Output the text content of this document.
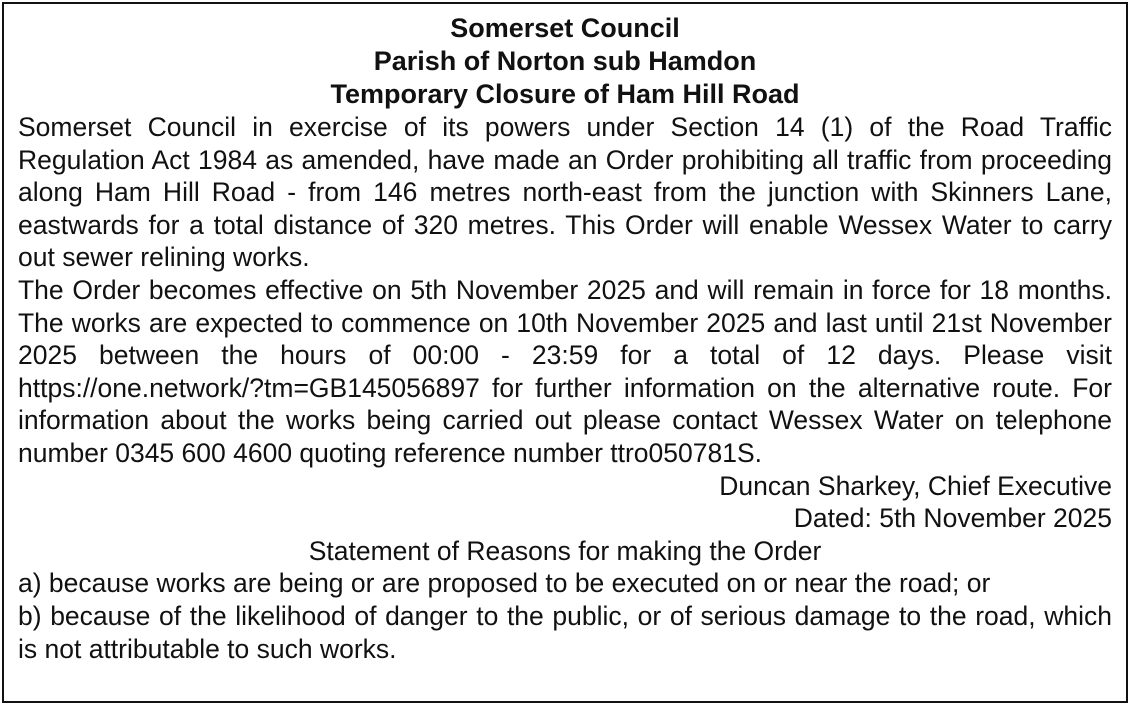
Somerset Council

Parish of Norton sub Hamdon

Temporary Closure of Ham Hill Road

Somerset Council in exercise of its powers under Section 14 (1) of the Road Traffic Regulation Act 1984 as amended, have made an Order prohibiting all traffic from proceeding along Ham Hill Road - from 146 metres north-east from the junction with Skinners Lane, eastwards for a total distance of 320 metres. This Order will enable Wessex Water to carry out sewer relining works.

The Order becomes effective on 5th November 2025 and will remain in force for 18 months. The works are expected to commence on 10th November 2025 and last until 21st November 2025 between the hours of 00:00 - 23:59 for a total of 12 days. Please visit https://one.network/?tm=GB145056897 for further information on the alternative route. For information about the works being carried out please contact Wessex Water on telephone number 0345 600 4600 quoting reference number ttro050781S.

Duncan Sharkey, Chief Executive

Dated: 5th November 2025

Statement of Reasons for making the Order

a) because works are being or are proposed to be executed on or near the road; or

b) because of the likelihood of danger to the public, or of serious damage to the road, which is not attributable to such works.
